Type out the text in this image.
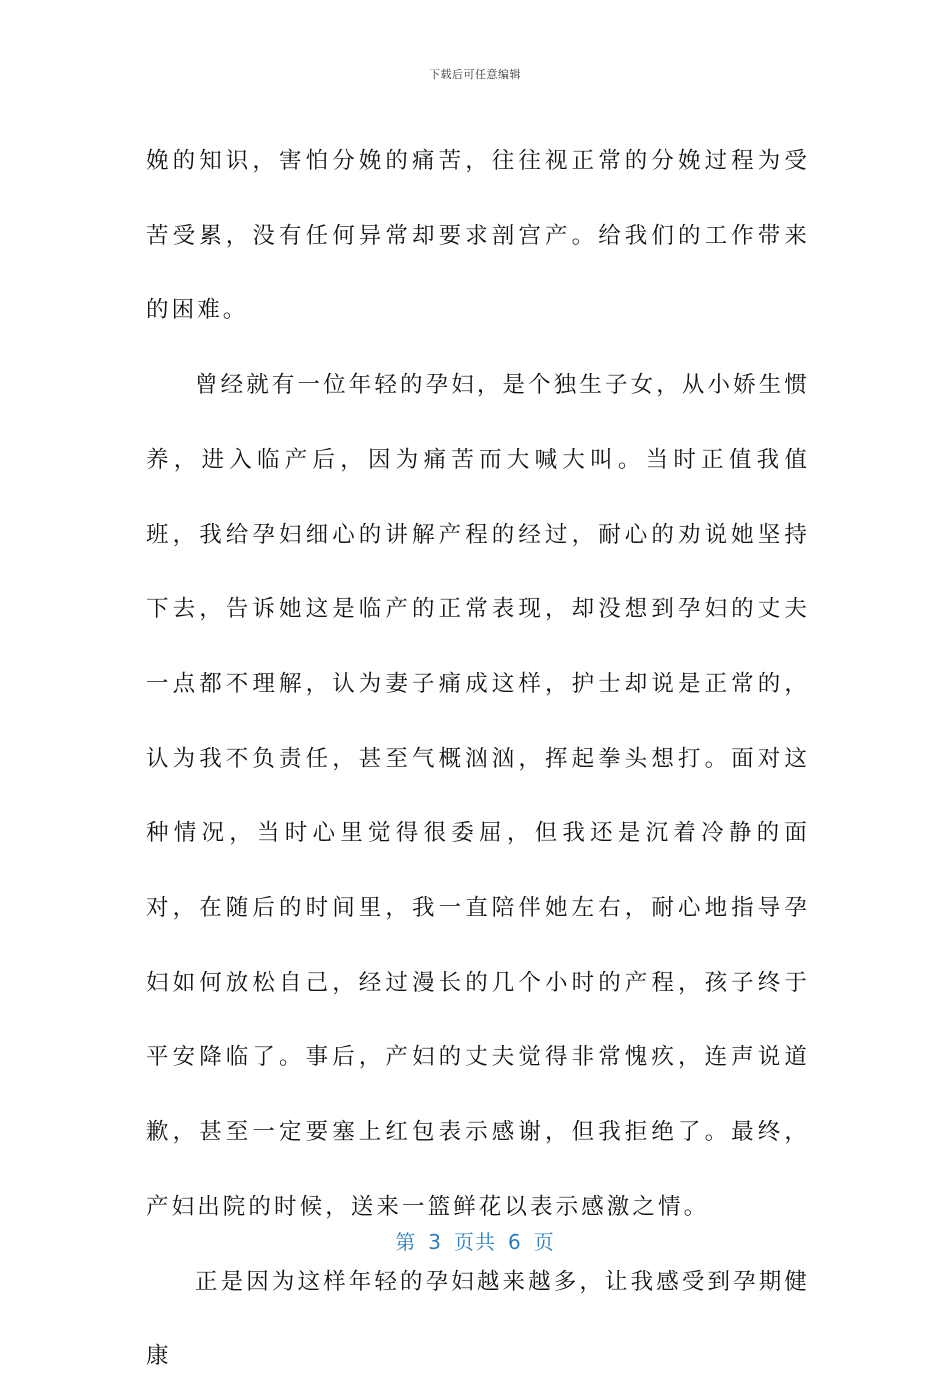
下载后可任意编辑

娩的知识，害怕分娩的痛苦，往往视正常的分娩过程为受苦受累，没有任何异常却要求剖宫产。给我们的工作带来的困难。

曾经就有一位年轻的孕妇，是个独生子女，从小娇生惯养，进入临产后，因为痛苦而大喊大叫。当时正值我值班，我给孕妇细心的讲解产程的经过，耐心的劝说她坚持下去，告诉她这是临产的正常表现，却没想到孕妇的丈夫一点都不理解，认为妻子痛成这样，护士却说是正常的，认为我不负责任，甚至气概汹汹，挥起拳头想打。面对这种情况，当时心里觉得很委屈，但我还是沉着冷静的面对，在随后的时间里，我一直陪伴她左右，耐心地指导孕妇如何放松自己，经过漫长的几个小时的产程，孩子终于平安降临了。事后，产妇的丈夫觉得非常愧疚，连声说道歉，甚至一定要塞上红包表示感谢，但我拒绝了。最终，产妇出院的时候，送来一篮鲜花以表示感激之情。

正是因为这样年轻的孕妇越来越多，让我感受到孕期健康

第 3 页共 6 页
